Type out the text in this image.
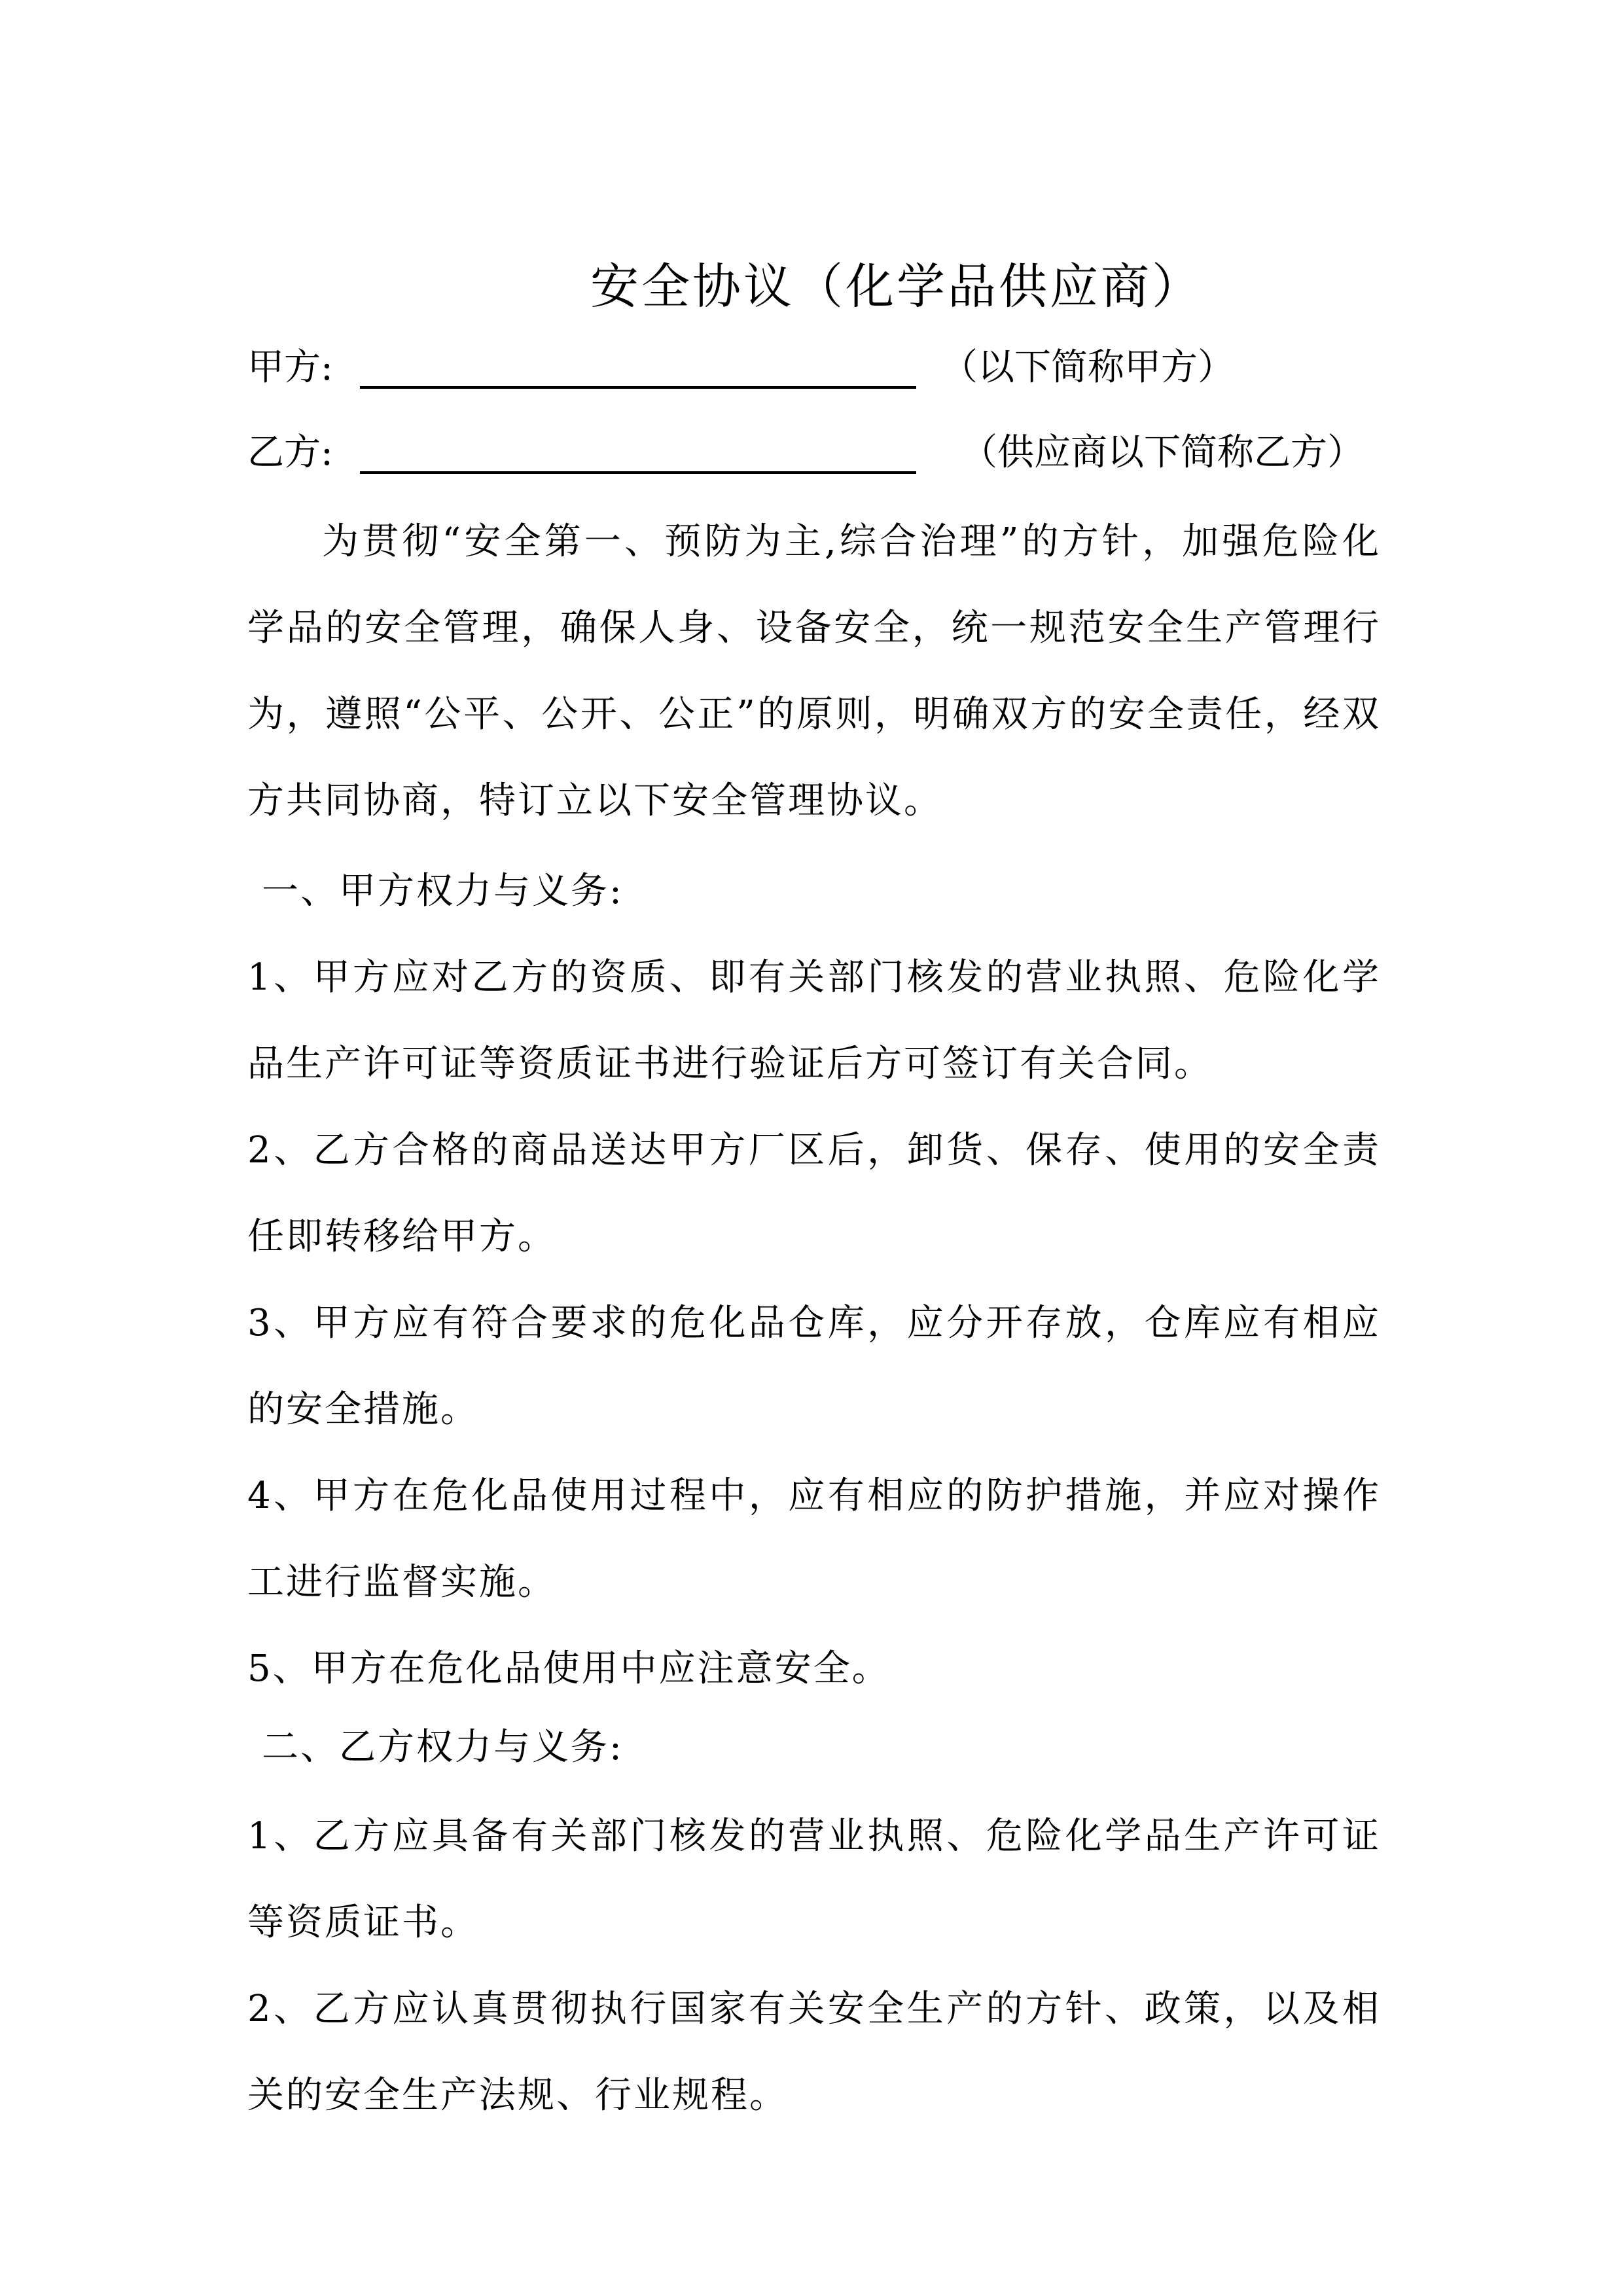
安全协议（化学品供应商）
甲方:	（以下简称甲方）
乙方:	（供应商以下简称乙方）
为贯彻“安全第一、预防为主,综合治理”的方针，加强危险化学品的安全管理，确保人身、设备安全，统一规范安全生产管理行为，遵照“公平、公开、公正”的原则，明确双方的安全责任，经双方共同协商，特订立以下安全管理协议。
一、甲方权力与义务:
1、甲方应对乙方的资质、即有关部门核发的营业执照、危险化学品生产许可证等资质证书进行验证后方可签订有关合同。
2、乙方合格的商品送达甲方厂区后，卸货、保存、使用的安全责任即转移给甲方。
3、甲方应有符合要求的危化品仓库，应分开存放，仓库应有相应的安全措施。
4、甲方在危化品使用过程中，应有相应的防护措施，并应对操作工进行监督实施。
5、甲方在危化品使用中应注意安全。
二、乙方权力与义务:
1、乙方应具备有关部门核发的营业执照、危险化学品生产许可证等资质证书。
2、乙方应认真贯彻执行国家有关安全生产的方针、政策，以及相关的安全生产法规、行业规程。
